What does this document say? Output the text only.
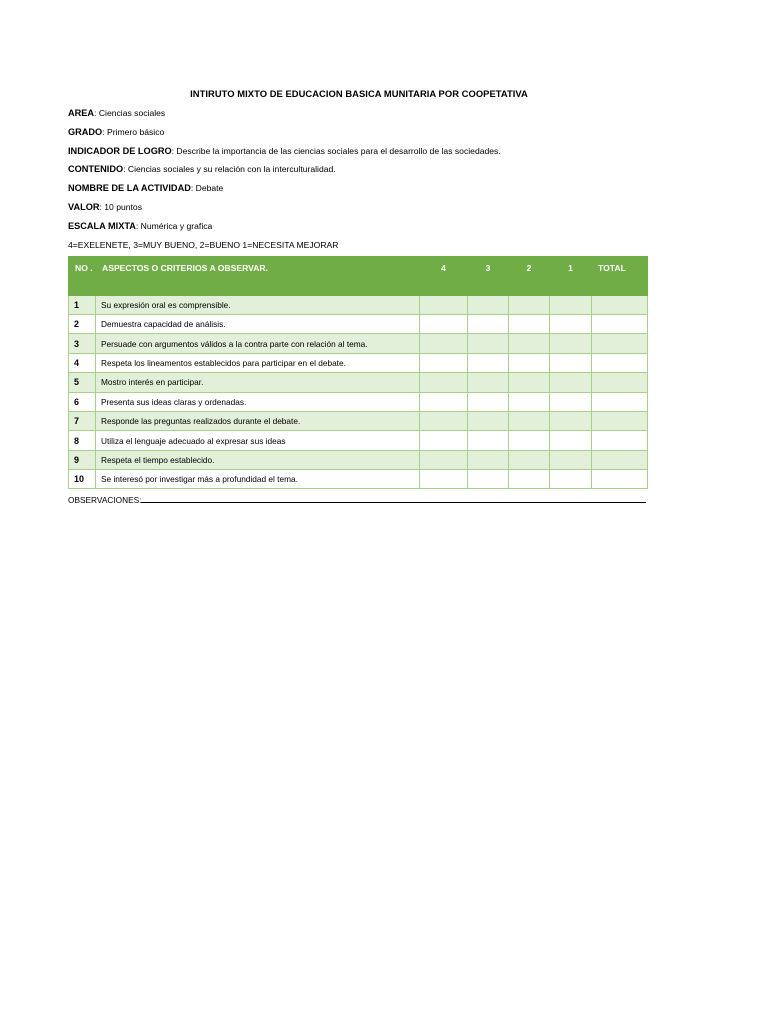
INTIRUTO MIXTO DE EDUCACION BASICA MUNITARIA POR COOPETATIVA
AREA: Ciencias sociales
GRADO: Primero básico
INDICADOR DE LOGRO: Describe la importancia de las ciencias sociales para el desarrollo de las sociedades.
CONTENIDO: Ciencias sociales y su relación con la interculturalidad.
NOMBRE DE LA ACTIVIDAD: Debate
VALOR: 10 puntos
ESCALA MIXTA: Numérica y grafica
4=EXELENETE, 3=MUY BUENO, 2=BUENO 1=NECESITA MEJORAR
NO .	ASPECTOS O CRITERIOS A OBSERVAR.	4	3	2	1	TOTAL
1	Su expresión oral es comprensible.					
2	Demuestra capacidad de análisis.					
3	Persuade con argumentos válidos a la contra parte con relación al tema.					
4	Respeta los lineamentos establecidos para participar en el debate.					
5	Mostro interés en participar.					
6	Presenta sus ideas claras y ordenadas.					
7	Responde las preguntas realizados durante el debate.					
8	Utiliza el lenguaje adecuado al expresar sus ideas					
9	Respeta el tiempo establecido.					
10	Se interesó por investigar más a profundidad el tema.					
OBSERVACIONES:
